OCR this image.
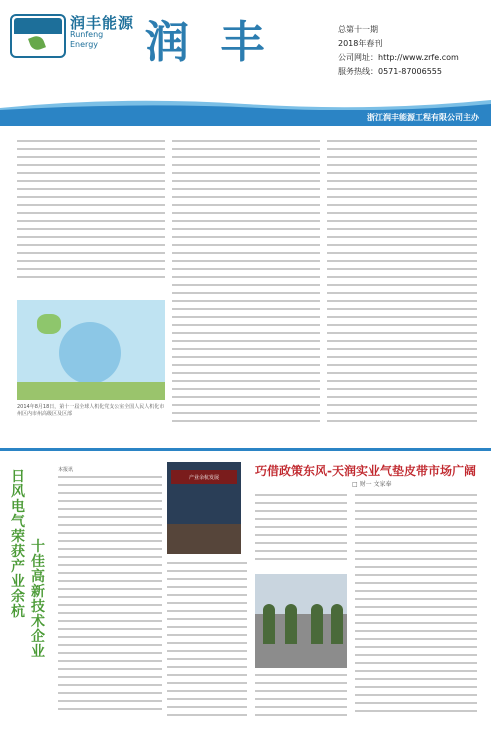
润丰能源
Runfeng
Energy 润 丰	总第十一期
2018年春刊
公司网址：http://www.zrfe.com
服务热线：0571-87006555
浙江润丰能源工程有限公司主办
2014年8月18日，第十一届全球人机化党支公室全国人民人机化市州区内市州高级区及区部
日风电气荣获产业余杭
十佳高新技术企业
本报讯
产业余杭发展	巧借政策东风-天润实业气垫皮带市场广阔
□ 财一 文家奉
